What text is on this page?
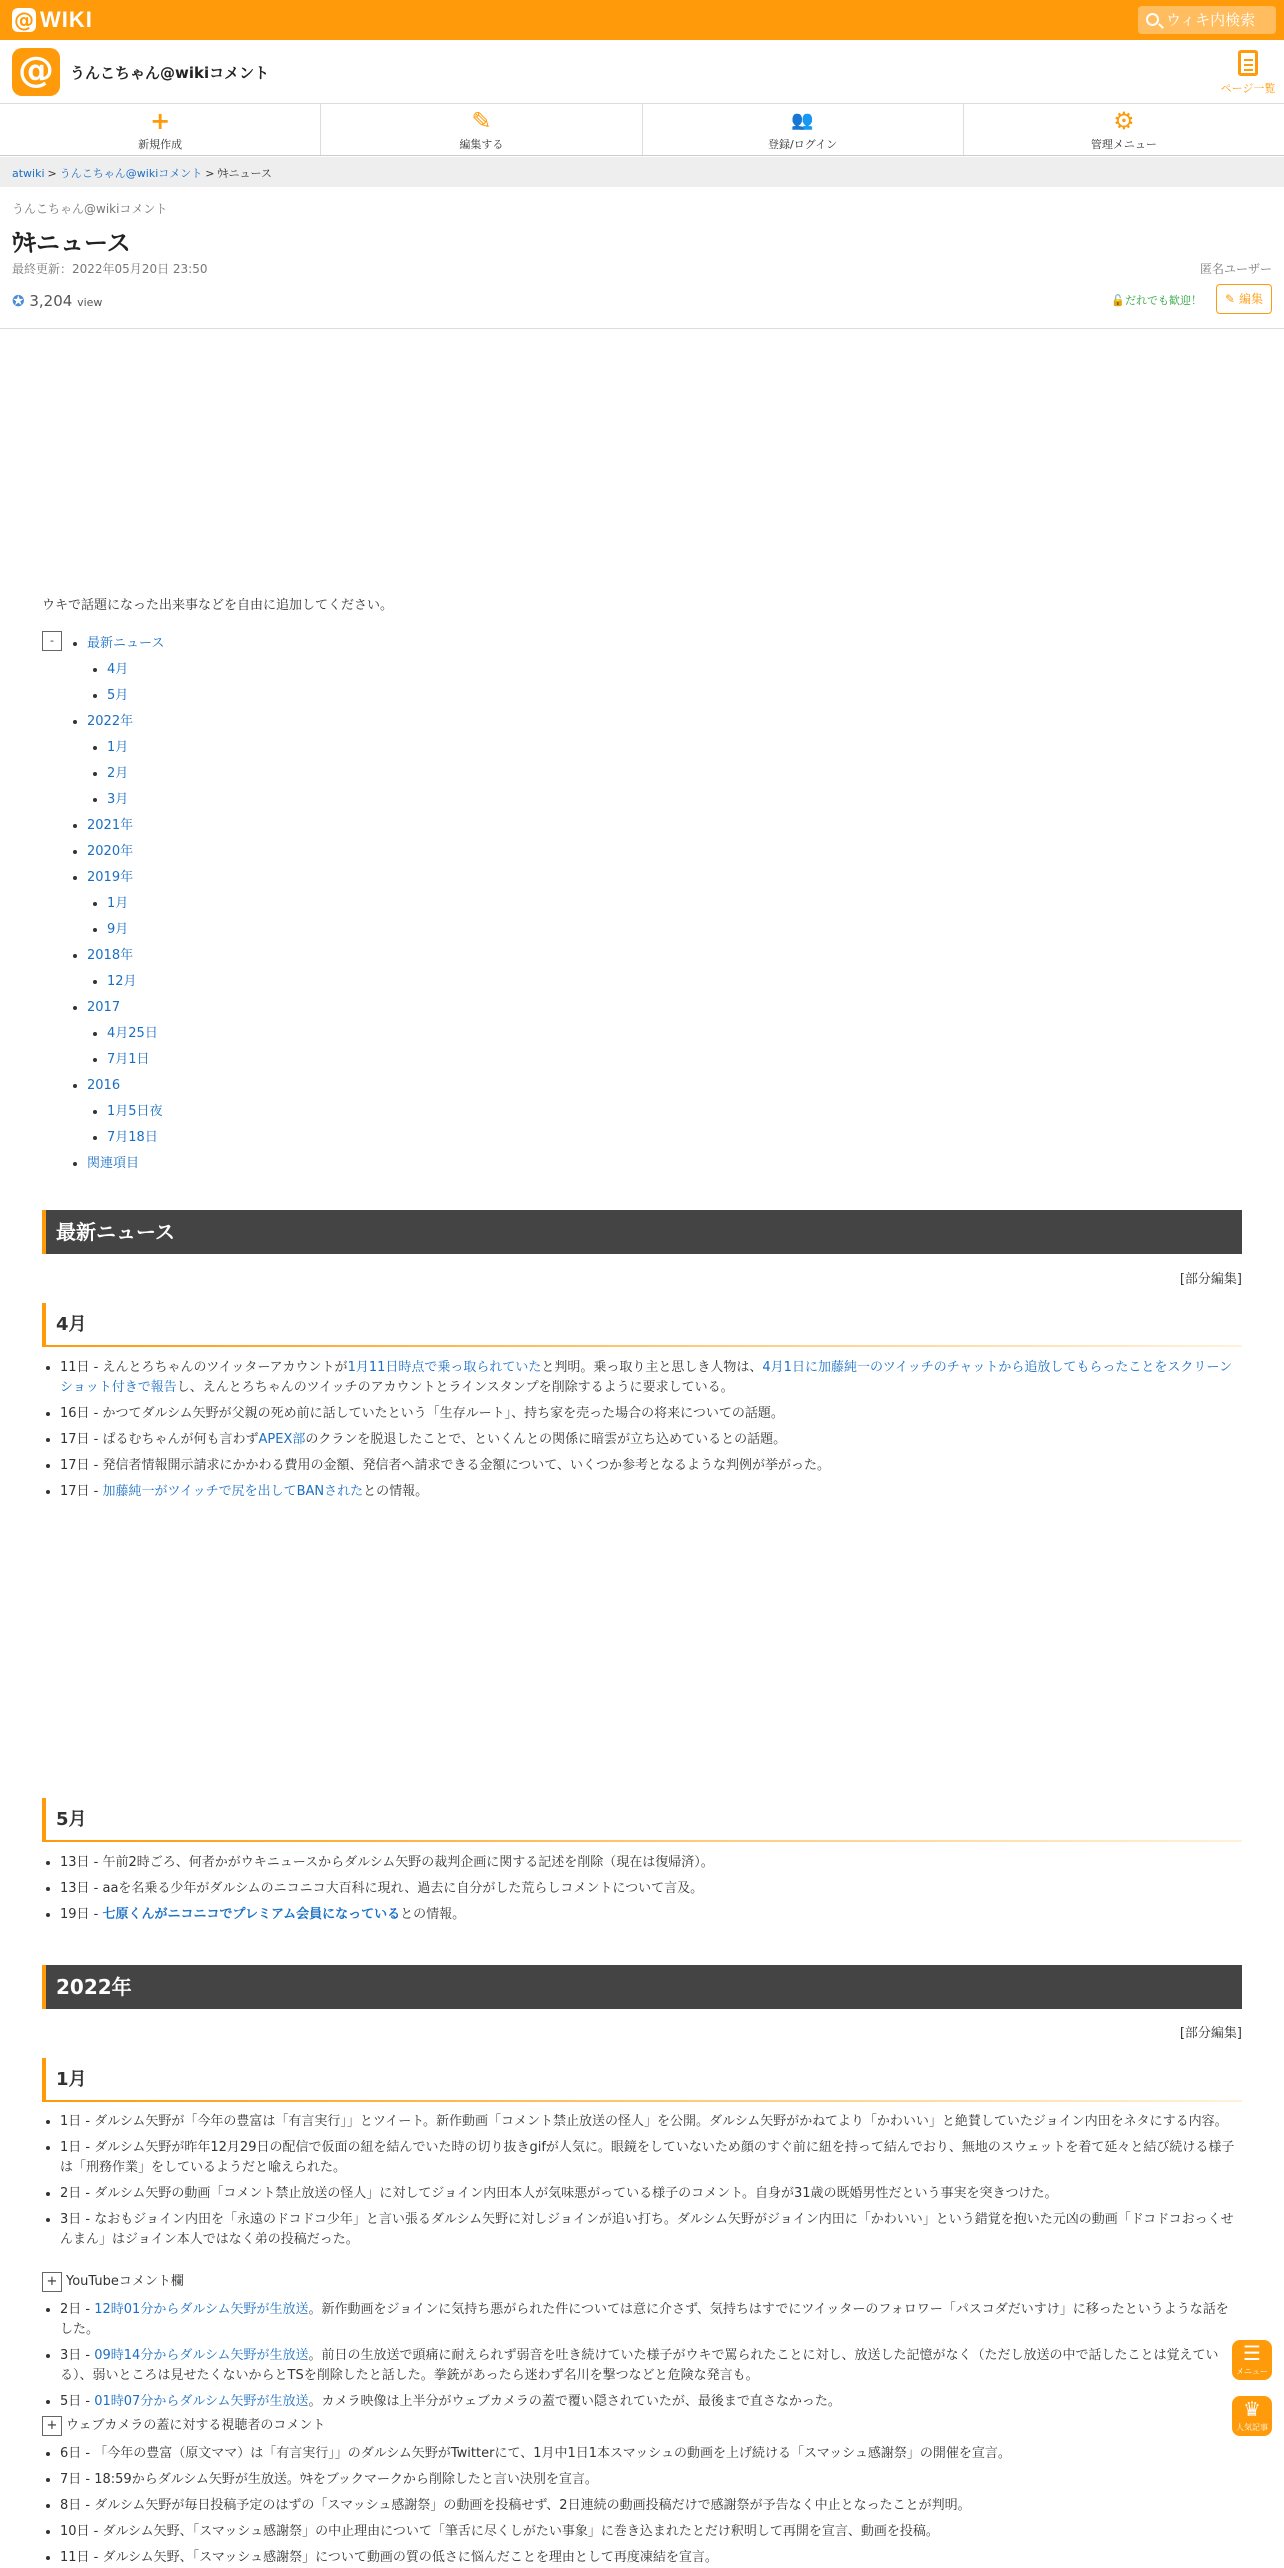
@ WIKI	ウィキ内検索
@	うんこちゃん@wikiコメント
ページ一覧
+
新規作成
✎
編集する
👥
登録/ログイン
⚙
管理メニュー
atwiki > うんこちゃん@wikiコメント > ｳｷニュース
うんこちゃん@wikiコメント
ｳｷニュース
最終更新：2022年05月20日 23:50	匿名ユーザー
✪ 3,204 view	🔓だれでも歓迎！	✎ 編集
ウキで話題になった出来事などを自由に追加してください。
-
•	最新ニュース
• 4月
• 5月
• 2022年
• 1月
• 2月
• 3月
• 2021年
• 2020年
• 2019年
• 1月
• 9月
• 2018年
• 12月
• 2017
• 4月25日
• 7月1日
• 2016
• 1月5日夜
• 7月18日
• 関連項目
最新ニュース
[部分編集]
4月
• 11日 - えんとろちゃんのツイッターアカウントが1月11日時点で乗っ取られていたと判明。乗っ取り主と思しき人物は、4月1日に加藤純一のツイッチのチャットから追放してもらったことをスクリーンショット付きで報告し、えんとろちゃんのツイッチのアカウントとラインスタンプを削除するように要求している。
• 16日 - かつてダルシム矢野が父親の死め前に話していたという「生存ルート」、持ち家を売った場合の将来についての話題。
• 17日 - ぱるむちゃんが何も言わずAPEX部のクランを脱退したことで、といくんとの関係に暗雲が立ち込めているとの話題。
• 17日 - 発信者情報開示請求にかかわる費用の金額、発信者へ請求できる金額について、いくつか参考となるような判例が挙がった。
• 17日 - 加藤純一がツイッチで尻を出してBANされたとの情報。
5月
• 13日 - 午前2時ごろ、何者かがウキニュースからダルシム矢野の裁判企画に関する記述を削除（現在は復帰済）。
• 13日 - aaを名乗る少年がダルシムのニコニコ大百科に現れ、過去に自分がした荒らしコメントについて言及。
• 19日 - 七原くんがニコニコでプレミアム会員になっているとの情報。
2022年
[部分編集]
1月
• 1日 - ダルシム矢野が「今年の豊富は「有言実行」」とツイート。新作動画「コメント禁止放送の怪人」を公開。ダルシム矢野がかねてより「かわいい」と絶賛していたジョイン内田をネタにする内容。
• 1日 - ダルシム矢野が昨年12月29日の配信で仮面の紐を結んでいた時の切り抜きgifが人気に。眼鏡をしていないため顔のすぐ前に紐を持って結んでおり、無地のスウェットを着て延々と結び続ける様子は「刑務作業」をしているようだと喩えられた。
• 2日 - ダルシム矢野の動画「コメント禁止放送の怪人」に対してジョイン内田本人が気味悪がっている様子のコメント。自身が31歳の既婚男性だという事実を突きつけた。
• 3日 - なおもジョイン内田を「永遠のドコドコ少年」と言い張るダルシム矢野に対しジョインが追い打ち。ダルシム矢野がジョイン内田に「かわいい」という錯覚を抱いた元凶の動画「ドコドコおっくせんまん」はジョイン本人ではなく弟の投稿だった。
+ YouTubeコメント欄
• 2日 - 12時01分からダルシム矢野が生放送。新作動画をジョインに気持ち悪がられた件については意に介さず、気持ちはすでにツイッターのフォロワー「パスコダだいすけ」に移ったというような話をした。
• 3日 - 09時14分からダルシム矢野が生放送。前日の生放送で頭痛に耐えられず弱音を吐き続けていた様子がウキで罵られたことに対し、放送した記憶がなく（ただし放送の中で話したことは覚えている）、弱いところは見せたくないからとTSを削除したと話した。拳銃があったら迷わず名川を撃つなどと危険な発言も。
• 5日 - 01時07分からダルシム矢野が生放送。カメラ映像は上半分がウェブカメラの蓋で覆い隠されていたが、最後まで直さなかった。
+ ウェブカメラの蓋に対する視聴者のコメント
• 6日 - 「今年の豊富（原文ママ）は「有言実行」」のダルシム矢野がTwitterにて、1月中1日1本スマッシュの動画を上げ続ける「スマッシュ感謝祭」の開催を宣言。
• 7日 - 18:59からダルシム矢野が生放送。ｳｷをブックマークから削除したと言い決別を宣言。
• 8日 - ダルシム矢野が毎日投稿予定のはずの「スマッシュ感謝祭」の動画を投稿せず、2日連続の動画投稿だけで感謝祭が予告なく中止となったことが判明。
• 10日 - ダルシム矢野、「スマッシュ感謝祭」の中止理由について「筆舌に尽くしがたい事象」に巻き込まれたとだけ釈明して再開を宣言、動画を投稿。
• 11日 - ダルシム矢野、「スマッシュ感謝祭」について動画の質の低さに悩んだことを理由として再度凍結を宣言。
☰
メニュー
♛
人気記事
